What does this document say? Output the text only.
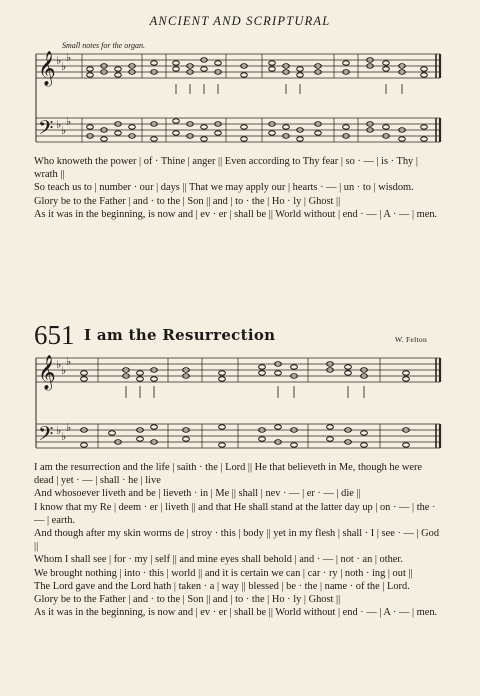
ANCIENT AND SCRIPTURAL
Small notes for the organ.
𝄞
𝄢
♭ ♭
♭
♭ ♭
♭

Who knoweth the power | of · Thine | anger || Even according to Thy fear | so · — | is · Thy | wrath ||

So teach us to | number · our | days || That we may apply our | hearts · — | un · to | wisdom.

Glory be to the Father | and · to the | Son || and | to · the | Ho · ly | Ghost ||

As it was in the beginning, is now and | ev · er | shall be || World without | end · — | A · — | men.

651 I am the Resurrection	W. Felton
𝄞
𝄢
♭ ♭
♭
♭ ♭
♭

I am the resurrection and the life | saith · the | Lord || He that believeth in Me, though he were dead | yet · — | shall · he | live

And whosoever liveth and be | lieveth · in | Me || shall | nev · — | er · — | die ||

I know that my Re | deem · er | liveth || and that He shall stand at the latter day up | on · — | the · — | earth.

And though after my skin worms de | stroy · this | body || yet in my flesh | shall · I | see · — | God ||

Whom I shall see | for · my | self || and mine eyes shall behold | and · — | not · an | other.

We brought nothing | into · this | world || and it is certain we can | car · ry | noth · ing | out ||

The Lord gave and the Lord hath | taken · a | way || blessed | be · the | name · of the | Lord.

Glory be to the Father | and · to the | Son || and | to · the | Ho · ly | Ghost ||

As it was in the beginning, is now and | ev · er | shall be || World without | end · — | A · — | men.
